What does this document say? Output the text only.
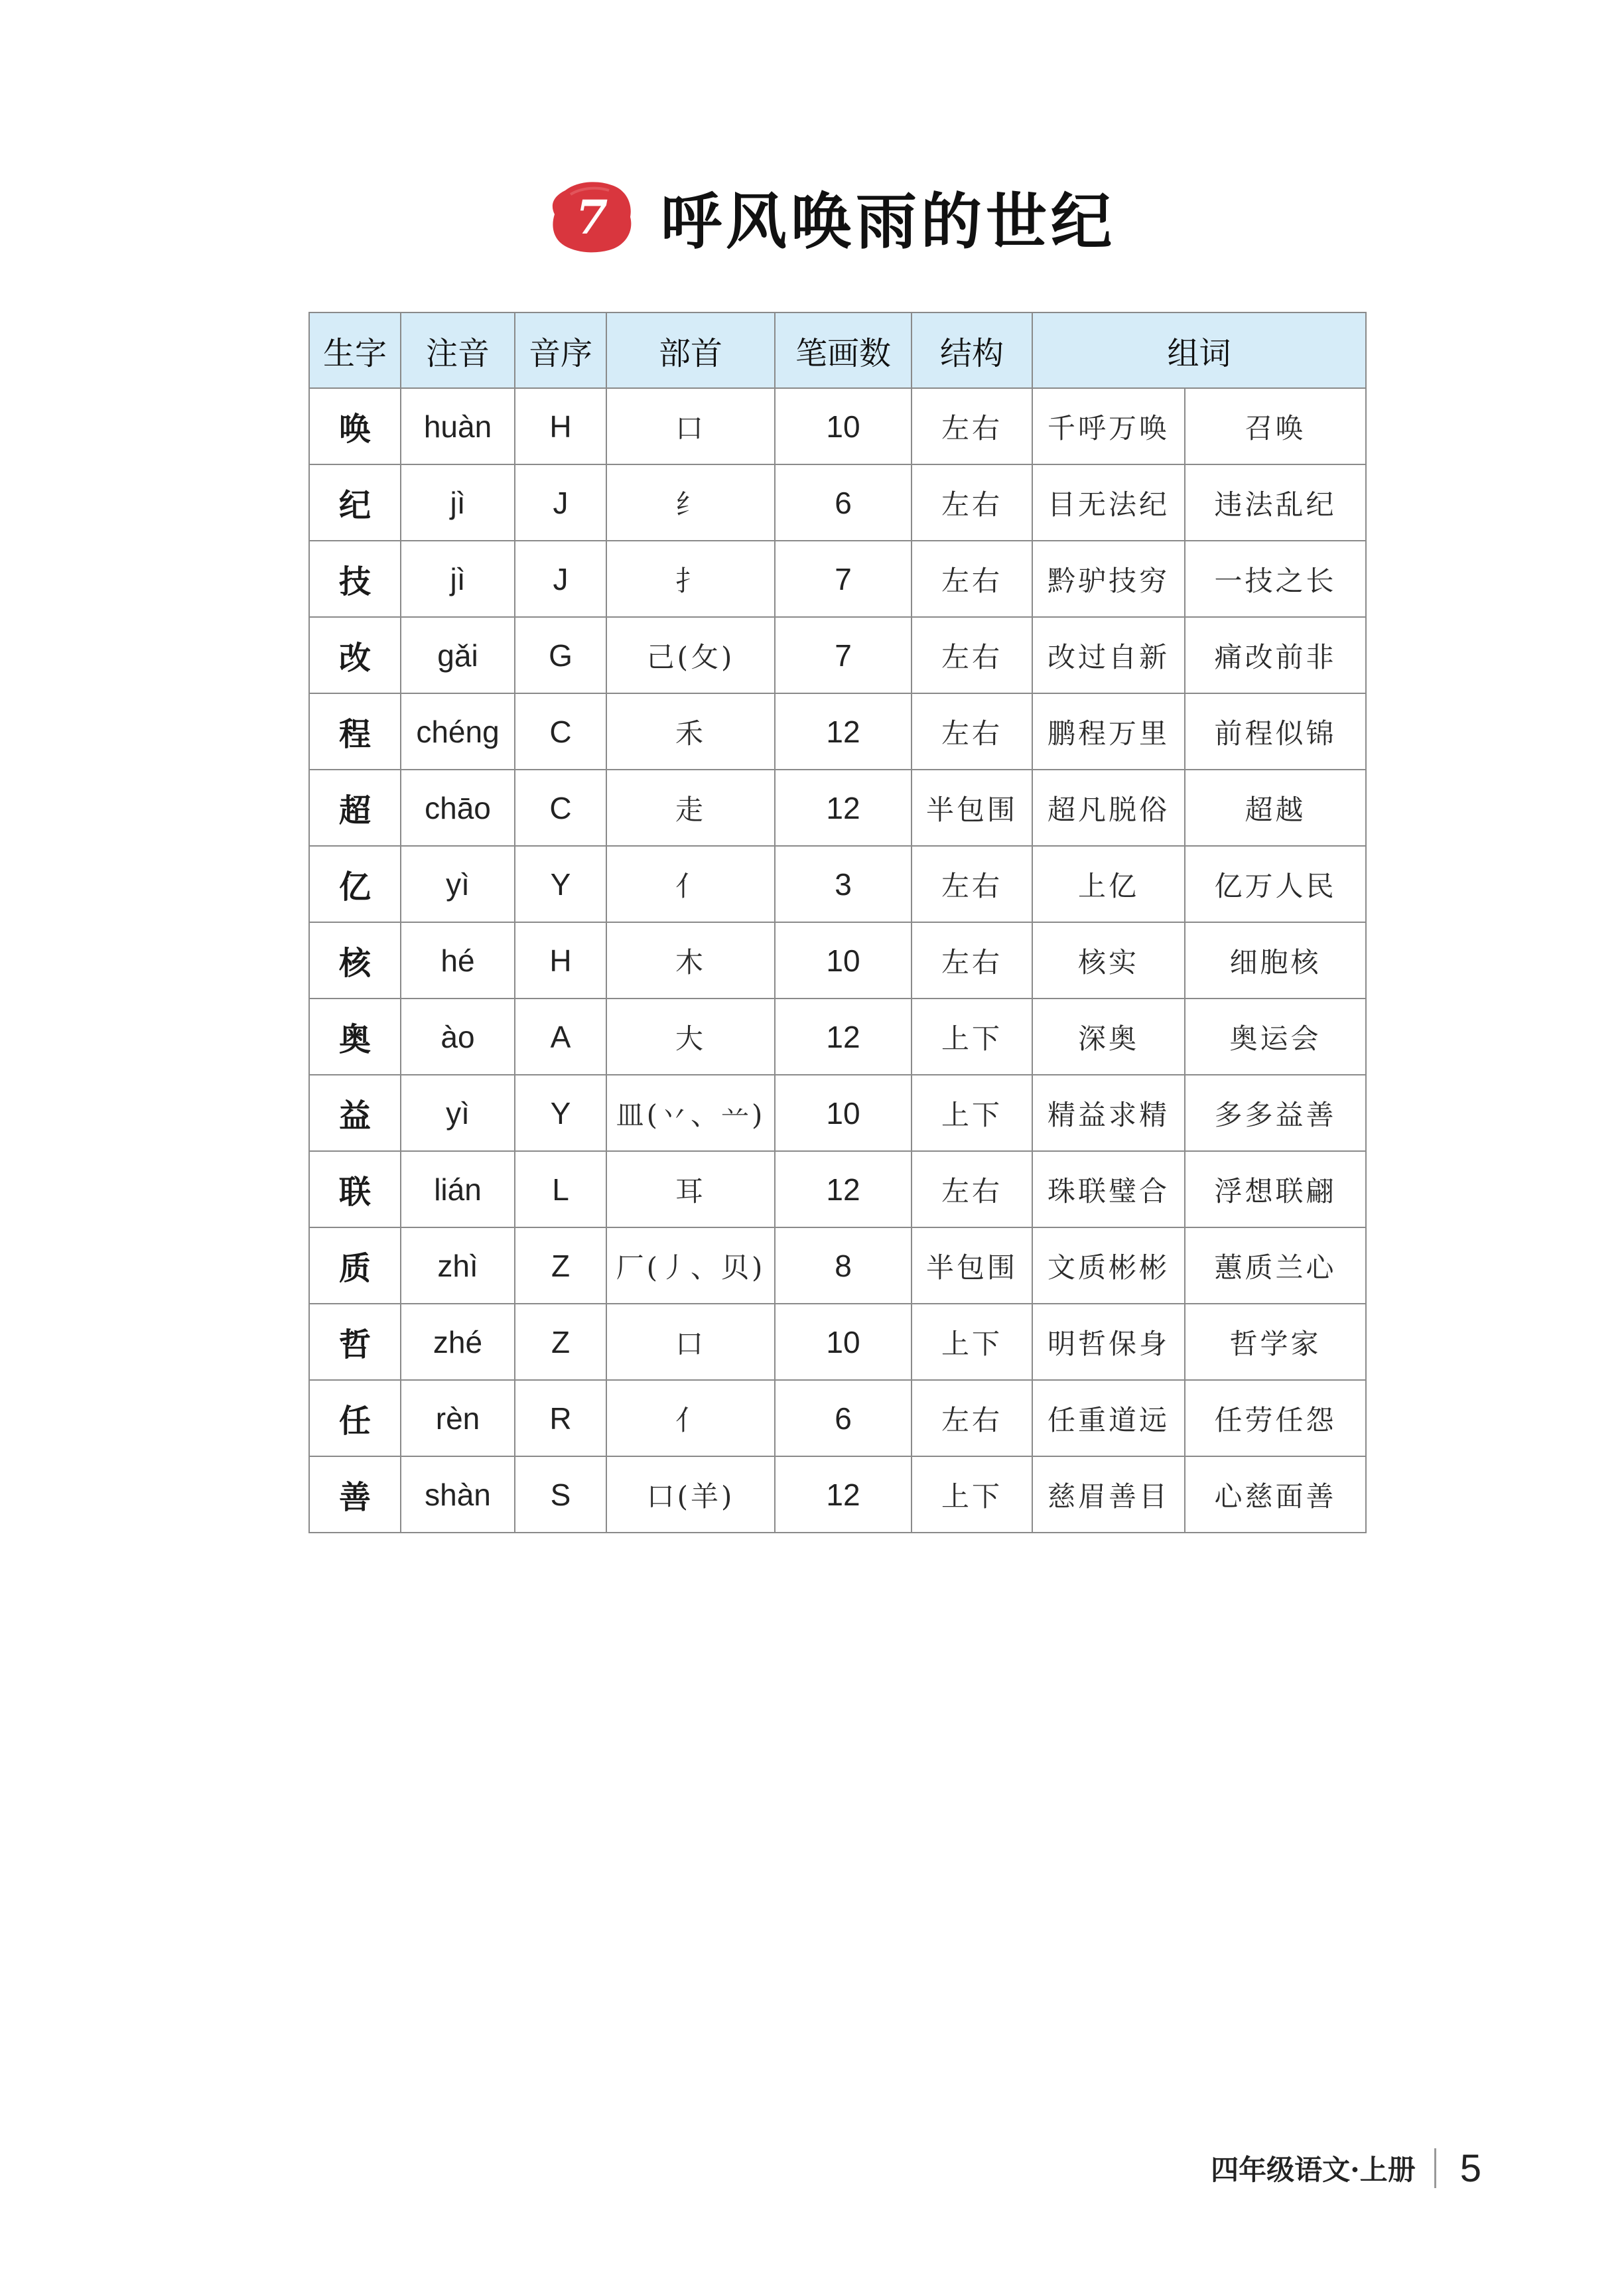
7 呼风唤雨的世纪
生字	注音	音序	部首	笔画数	结构	组词	
唤	huàn	H	口	10	左右	千呼万唤	召唤
纪	jì	J	纟	6	左右	目无法纪	违法乱纪
技	jì	J	扌	7	左右	黔驴技穷	一技之长
改	gǎi	G	己(攵)	7	左右	改过自新	痛改前非
程	chéng	C	禾	12	左右	鹏程万里	前程似锦
超	chāo	C	走	12	半包围	超凡脱俗	超越
亿	yì	Y	亻	3	左右	上亿	亿万人民
核	hé	H	木	10	左右	核实	细胞核
奥	ào	A	大	12	上下	深奥	奥运会
益	yì	Y	皿(丷、䒑)	10	上下	精益求精	多多益善
联	lián	L	耳	12	左右	珠联璧合	浮想联翩
质	zhì	Z	厂(丿、贝)	8	半包围	文质彬彬	蕙质兰心
哲	zhé	Z	口	10	上下	明哲保身	哲学家
任	rèn	R	亻	6	左右	任重道远	任劳任怨
善	shàn	S	口(羊)	12	上下	慈眉善目	心慈面善
四年级语文·上册 5
